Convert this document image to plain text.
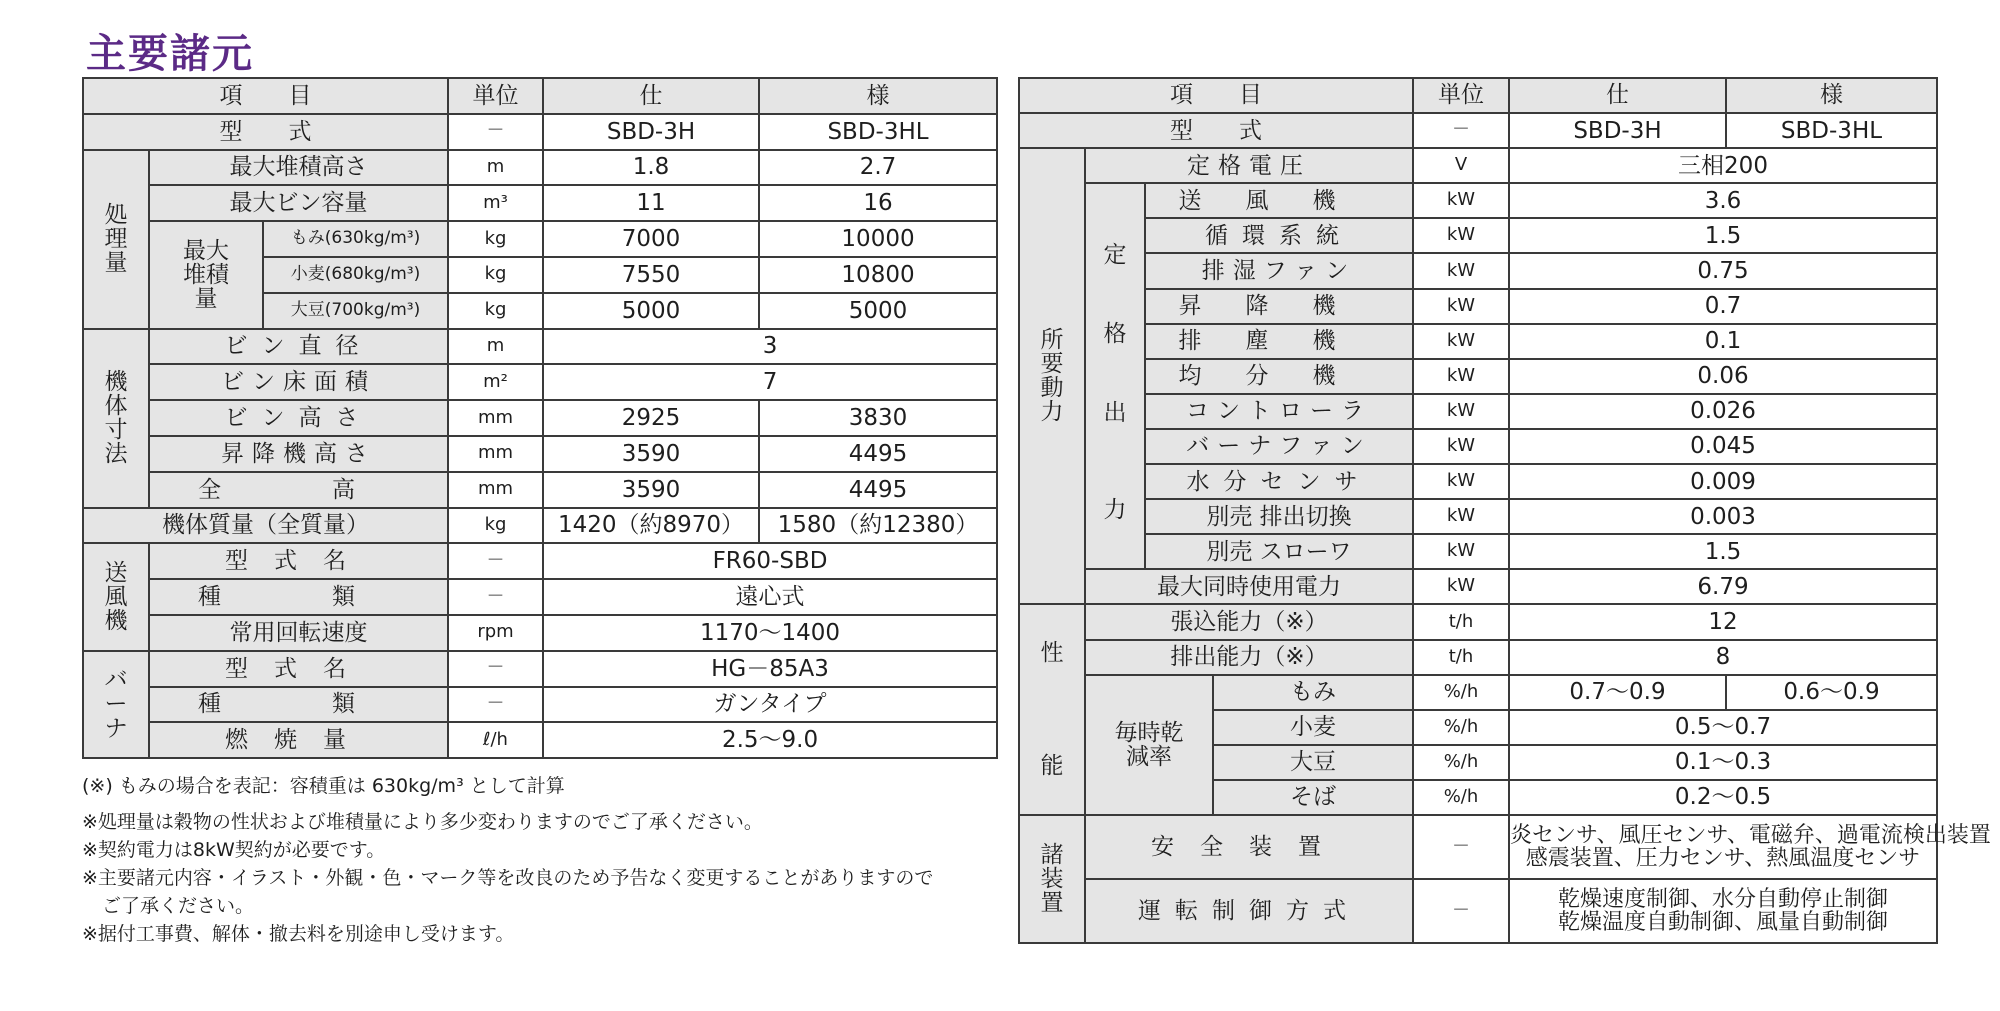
主要諸元
項　　目			単位	仕	様
型　　式			－	SBD-3H	SBD-3HL
処理量	最大堆積高さ		m	1.8	2.7
	最大ビン容量		m³	11	16
	最大堆積量	もみ(630kg/m³)	kg	7000	10000
		小麦(680kg/m³)	kg	7550	10800
		大豆(700kg/m³)	kg	5000	5000
機体寸法	ビン直径		m	3	
	ビン床面積		m²	7	
	ビン高さ		mm	2925	3830
	昇降機高さ		mm	3590	4495
	全　高		mm	3590	4495
機体質量（全質量）			kg	1420（約8970）	1580（約12380）
送風機	型式名		－	FR60-SBD	
	種　類		－	遠心式	
	常用回転速度		rpm	1170〜1400	
バーナ	型式名		－	HG－85A3	
	種　類		－	ガンタイプ	
	燃焼量		ℓ/h	2.5〜9.0	
項　　目				単位	仕	様
型　　式				－	SBD-3H	SBD-3HL
所要動力	定格電圧			V	三相200	

	定
格
出
力	送風機		kW	3.6	
		循環系統		kW	1.5	
		排湿ファン		kW	0.75	
		昇降機		kW	0.7	
		排塵機		kW	0.1	
		均分機		kW	0.06	
		コントローラ		kW	0.026	
		バーナファン		kW	0.045	
		水分センサ		kW	0.009	
		別売 排出切換		kW	0.003	
		別売 スローワ		kW	1.5	
	最大同時使用電力			kW	6.79	

性
能	張込能力（※）			t/h	12	
	排出能力（※）			t/h	8	
	毎時乾減率		もみ	%/h	0.7〜0.9	0.6〜0.9
			小麦	%/h	0.5〜0.7	
			大豆	%/h	0.1〜0.3	
			そば	%/h	0.2〜0.5	
諸装置	安全装置			－	炎センサ、風圧センサ、電磁弁、過電流検出装置
感震装置、圧力センサ、熱風温度センサ	

	運転制御方式			－	乾燥速度制御、水分自動停止制御
乾燥温度自動制御、風量自動制御	
(※) もみの場合を表記：容積重は 630kg/m³ として計算
※処理量は穀物の性状および堆積量により多少変わりますのでご了承ください。
※契約電力は8kW契約が必要です。
※主要諸元内容・イラスト・外観・色・マーク等を改良のため予告なく変更することがありますので
ご了承ください。
※据付工事費、解体・撤去料を別途申し受けます。
